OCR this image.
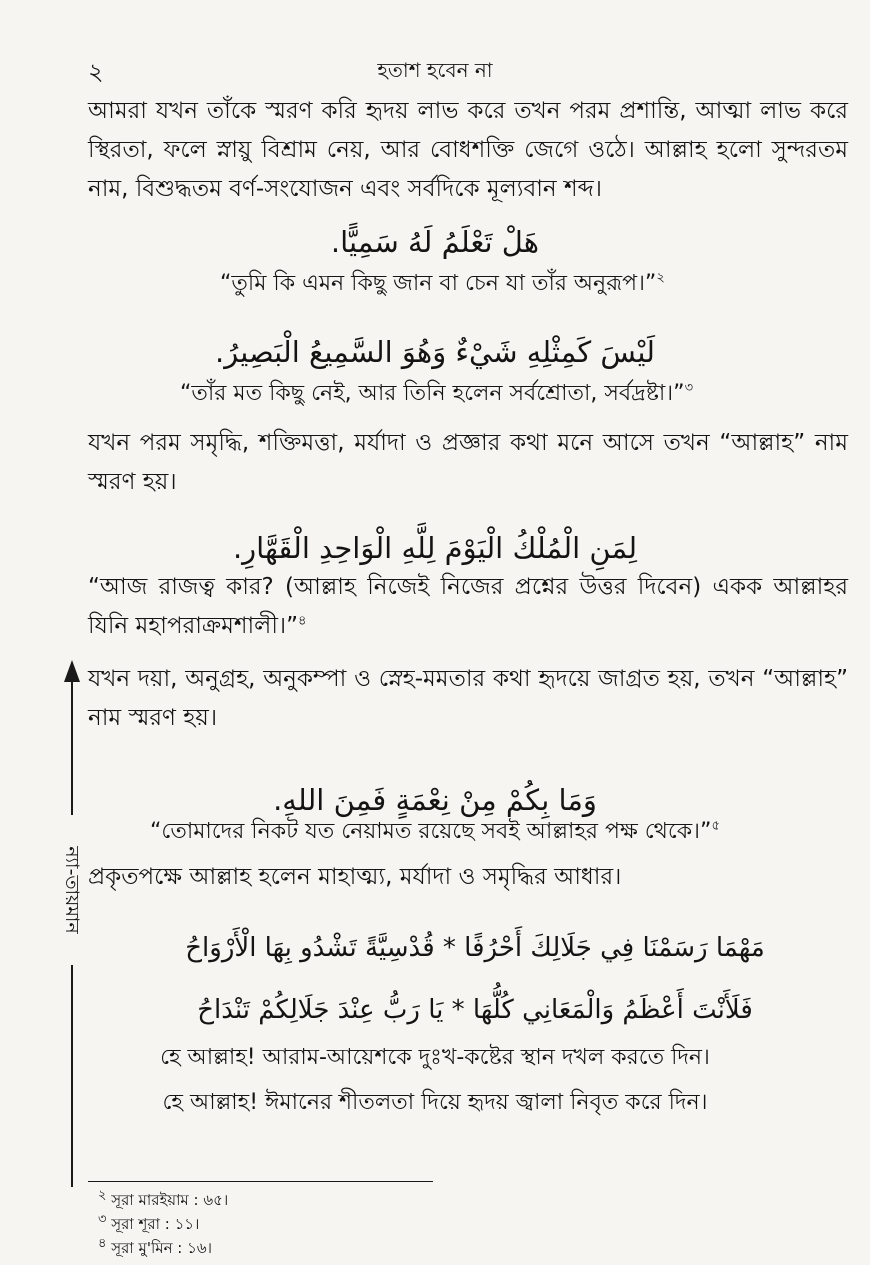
২	হতাশ হবেন না
আমরা যখন তাঁকে স্মরণ করি হৃদয় লাভ করে তখন পরম প্রশান্তি, আত্মা লাভ করে স্থিরতা, ফলে স্নায়ু বিশ্রাম নেয়, আর বোধশক্তি জেগে ওঠে। আল্লাহ হলো সুন্দরতম নাম, বিশুদ্ধতম বর্ণ-সংযোজন এবং সর্বদিকে মূল্যবান শব্দ।
هَلْ تَعْلَمُ لَهُ سَمِيًّا.
“তুমি কি এমন কিছু জান বা চেন যা তাঁর অনুরূপ।”$^২$
لَيْسَ كَمِثْلِهِ شَيْءٌ وَهُوَ السَّمِيعُ الْبَصِيرُ.
“তাঁর মত কিছু নেই, আর তিনি হলেন সর্বশ্রোতা, সর্বদ্রষ্টা।”$^৩$
যখন পরম সমৃদ্ধি, শক্তিমত্তা, মর্যাদা ও প্রজ্ঞার কথা মনে আসে তখন “আল্লাহ” নাম স্মরণ হয়।
لِمَنِ الْمُلْكُ الْيَوْمَ لِلَّهِ الْوَاحِدِ الْقَهَّارِ.
“আজ রাজত্ব কার? (আল্লাহ নিজেই নিজের প্রশ্নের উত্তর দিবেন) একক আল্লাহর যিনি মহাপরাক্রমশালী।”$^৪$
যখন দয়া, অনুগ্রহ, অনুকম্পা ও স্নেহ-মমতার কথা হৃদয়ে জাগ্রত হয়, তখন “আল্লাহ” নাম স্মরণ হয়।
وَمَا بِكُمْ مِنْ نِعْمَةٍ فَمِنَ اللهِ.
“তোমাদের নিকট যত নেয়ামত রয়েছে সবই আল্লাহর পক্ষ থেকে।”$^৫$
প্রকৃতপক্ষে আল্লাহ হলেন মাহাত্ম্য, মর্যাদা ও সমৃদ্ধির আধার।
مَهْمَا رَسَمْنَا فِي جَلَالِكَ أَحْرُفًا * قُدْسِيَّةً تَشْدُو بِهَا الْأَرْوَاحُ
فَلَأَنْتَ أَعْظَمُ وَالْمَعَانِي كُلُّهَا * يَا رَبُّ عِنْدَ جَلَالِكُمْ تَنْدَاحُ
হে আল্লাহ! আরাম-আয়েশকে দুঃখ-কষ্টের স্থান দখল করতে দিন।
হে আল্লাহ! ঈমানের শীতলতা দিয়ে হৃদয় জ্বালা নিবৃত করে দিন।
ন্যা-তায়মান
২ সূরা মারইয়াম : ৬৫।
৩ সূরা শূরা : ১১।
৪ সূরা মু'মিন : ১৬।
